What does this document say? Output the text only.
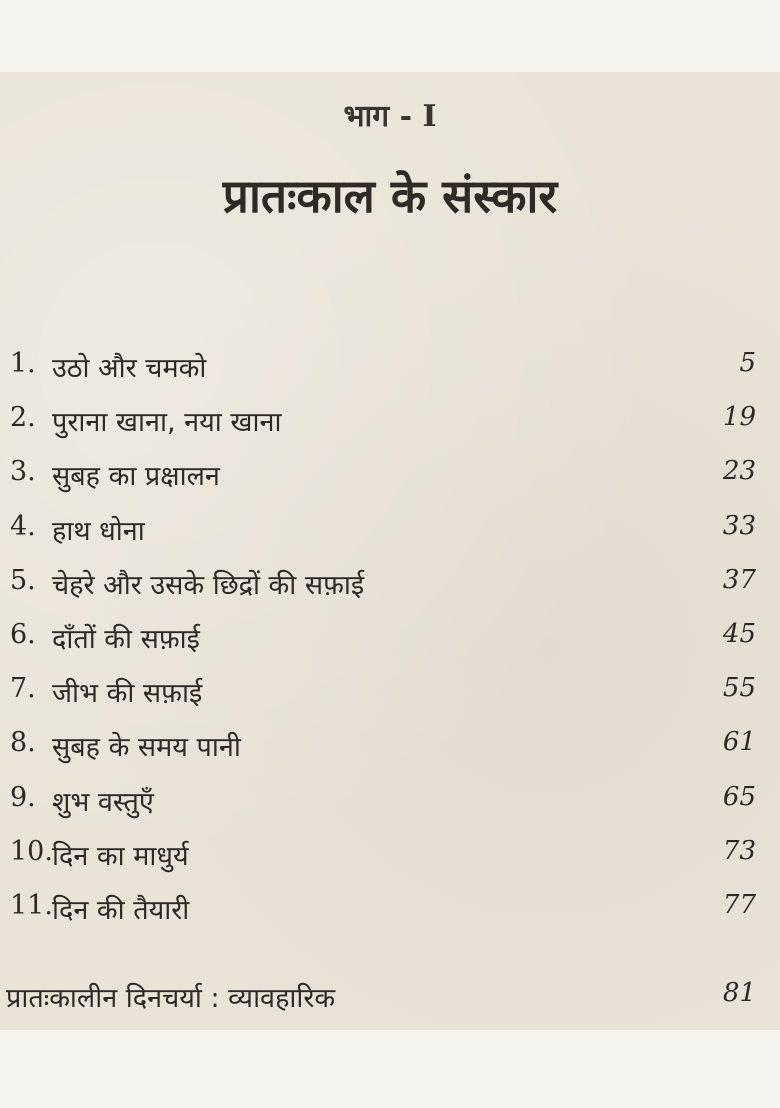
भाग - I
प्रातःकाल के संस्कार
1. उठो और चमको	5
2. पुराना खाना, नया खाना	19
3. सुबह का प्रक्षालन	23
4. हाथ धोना	33
5. चेहरे और उसके छिद्रों की सफ़ाई	37
6. दाँतों की सफ़ाई	45
7. जीभ की सफ़ाई	55
8. सुबह के समय पानी	61
9. शुभ वस्तुएँ	65
10. दिन का माधुर्य	73
11. दिन की तैयारी	77
प्रातःकालीन दिनचर्या : व्यावहारिक	81
